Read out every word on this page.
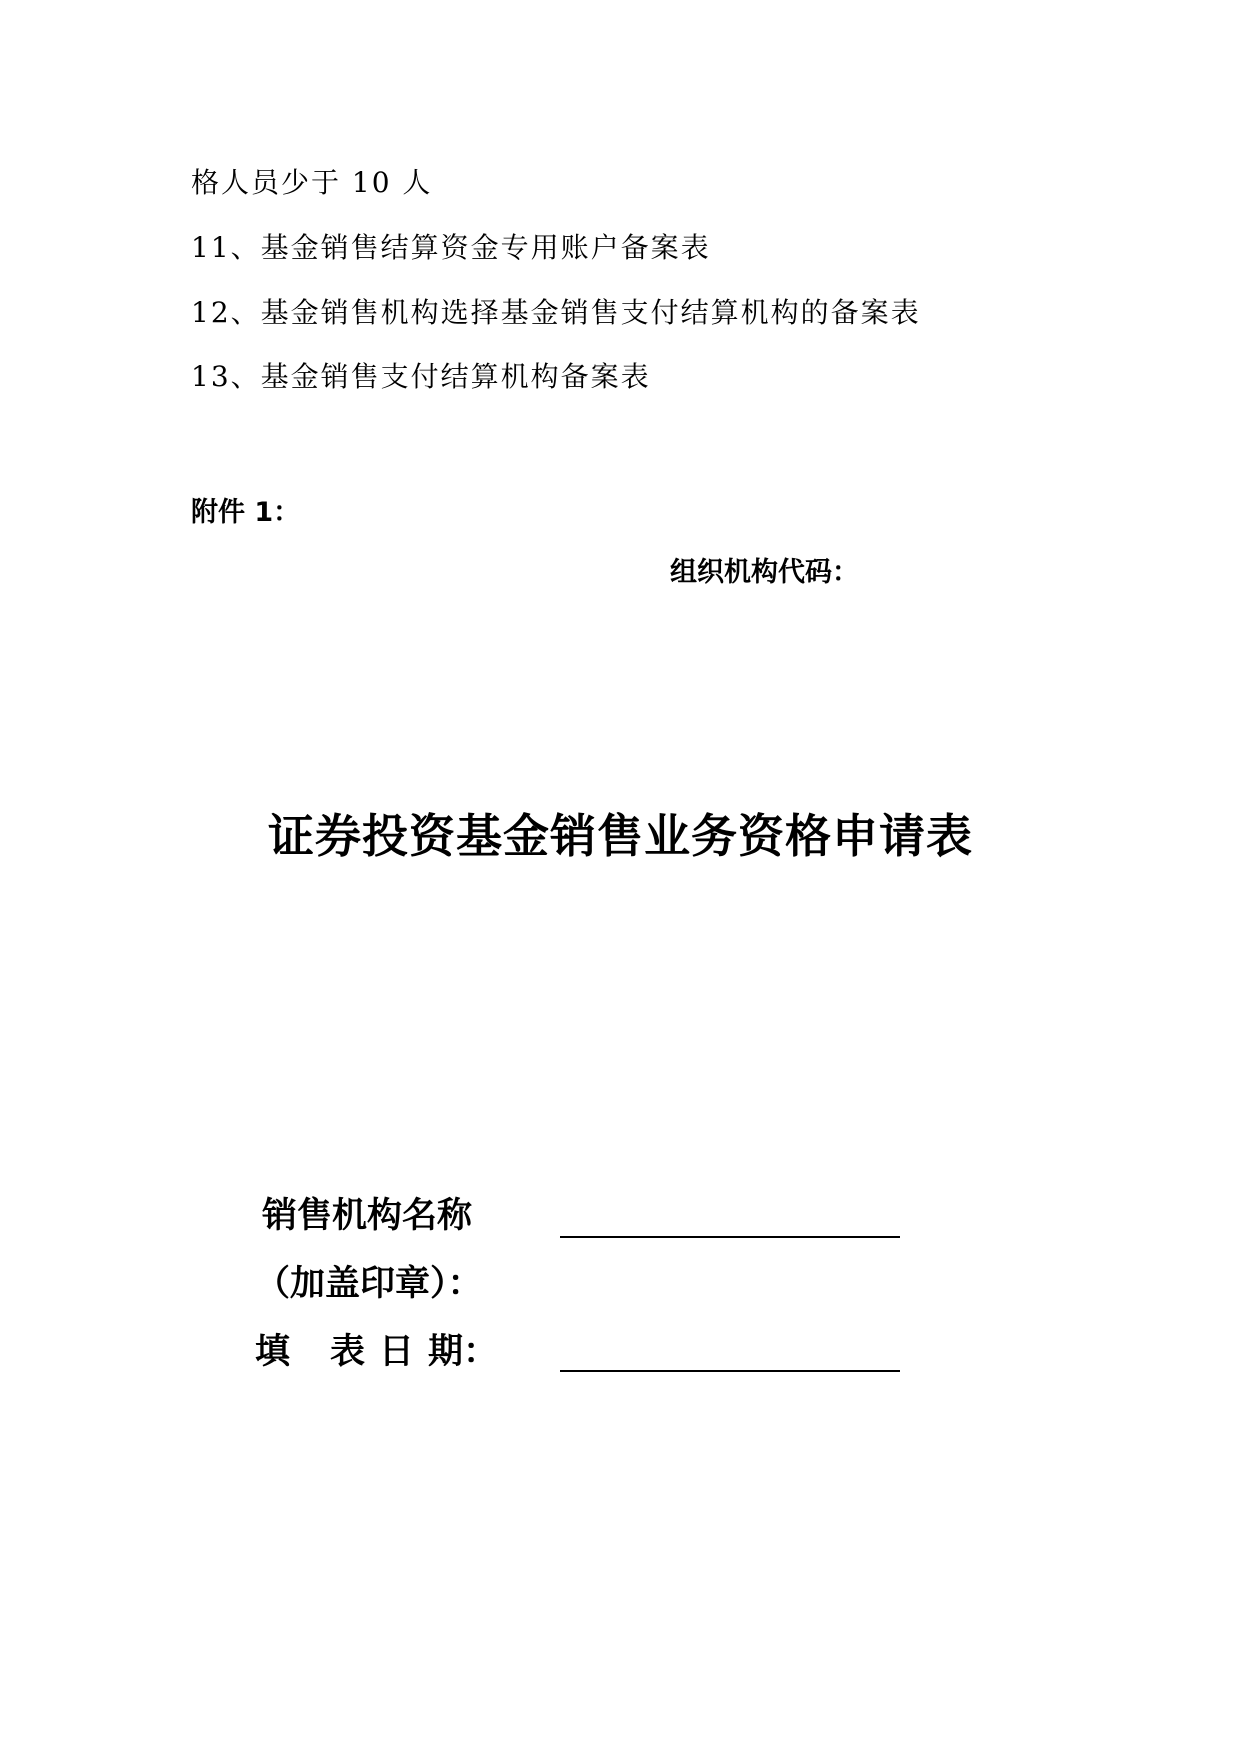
格人员少于 10 人
11、基金销售结算资金专用账户备案表
12、基金销售机构选择基金销售支付结算机构的备案表
13、基金销售支付结算机构备案表
附件 1：
组织机构代码：
证券投资基金销售业务资格申请表
销售机构名称
（加盖印章）：
填 表 日 期：
